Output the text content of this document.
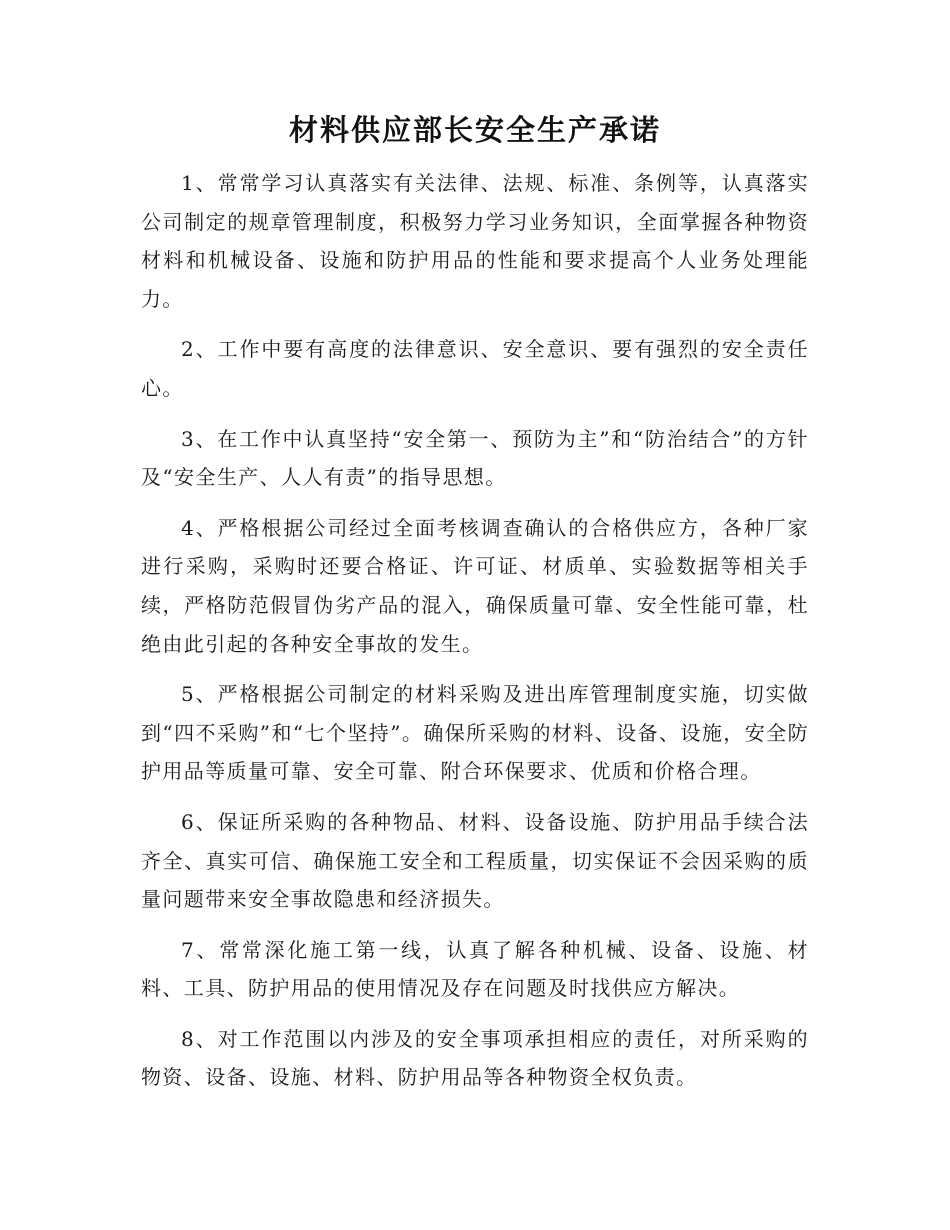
材料供应部长安全生产承诺

1、常常学习认真落实有关法律、法规、标准、条例等，认真落实公司制定的规章管理制度，积极努力学习业务知识，全面掌握各种物资材料和机械设备、设施和防护用品的性能和要求提高个人业务处理能力。

2、工作中要有高度的法律意识、安全意识、要有强烈的安全责任心。

3、在工作中认真坚持“安全第一、预防为主”和“防治结合”的方针及“安全生产、人人有责”的指导思想。

4、严格根据公司经过全面考核调查确认的合格供应方，各种厂家进行采购，采购时还要合格证、许可证、材质单、实验数据等相关手续，严格防范假冒伪劣产品的混入，确保质量可靠、安全性能可靠，杜绝由此引起的各种安全事故的发生。

5、严格根据公司制定的材料采购及进出库管理制度实施，切实做到“四不采购”和“七个坚持”。确保所采购的材料、设备、设施，安全防护用品等质量可靠、安全可靠、附合环保要求、优质和价格合理。

6、保证所采购的各种物品、材料、设备设施、防护用品手续合法齐全、真实可信、确保施工安全和工程质量，切实保证不会因采购的质量问题带来安全事故隐患和经济损失。

7、常常深化施工第一线，认真了解各种机械、设备、设施、材料、工具、防护用品的使用情况及存在问题及时找供应方解决。

8、对工作范围以内涉及的安全事项承担相应的责任，对所采购的物资、设备、设施、材料、防护用品等各种物资全权负责。
